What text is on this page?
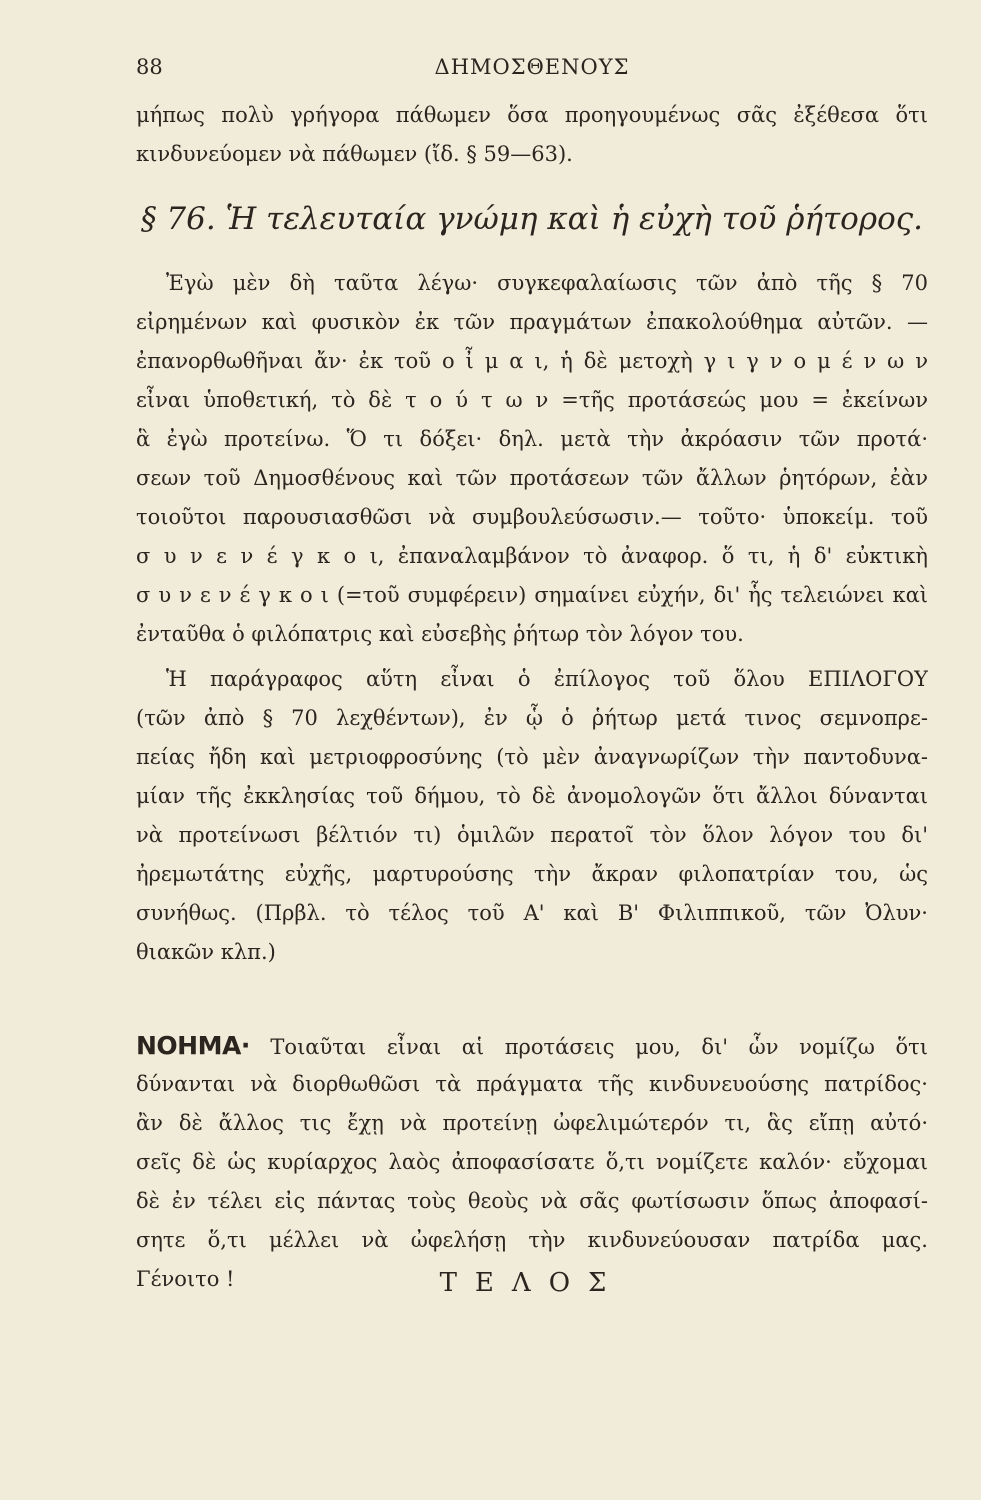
88	ΔΗΜΟΣΘΕΝΟΥΣ
μήπως πολὺ γρήγορα πάθωμεν ὅσα προηγουμένως σᾶς ἐξέθεσα ὅτι
κινδυνεύομεν νὰ πάθωμεν (ἴδ. § 59—63).
§ 76. Ἡ τελευταία γνώμη καὶ ἡ εὐχὴ τοῦ ῥήτορος.
Ἐγὼ μὲν δὴ ταῦτα λέγω· συγκεφαλαίωσις τῶν ἀπὸ τῆς § 70
εἰρημένων καὶ φυσικὸν ἐκ τῶν πραγμάτων ἐπακολούθημα αὐτῶν. —
ἐπανορθωθῆναι ἄν· ἐκ τοῦ ο ἶ μ α ι, ἡ δὲ μετοχὴ γ ι γ ν ο μ έ ν ω ν
εἶναι ὑποθετική, τὸ δὲ τ ο ύ τ ω ν =τῆς προτάσεώς μου = ἐκείνων
ἃ ἐγὼ προτείνω. Ὅ τι δόξει· δηλ. μετὰ τὴν ἀκρόασιν τῶν προτά·
σεων τοῦ Δημοσθένους καὶ τῶν προτάσεων τῶν ἄλλων ῥητόρων, ἐὰν
τοιοῦτοι παρουσιασθῶσι νὰ συμβουλεύσωσιν.— τοῦτο· ὑποκείμ. τοῦ
σ υ ν ε ν έ γ κ ο ι, ἐπαναλαμβάνον τὸ ἀναφορ. ὅ τι, ἡ δ' εὐκτικὴ
σ υ ν ε ν έ γ κ ο ι (=τοῦ συμφέρειν) σημαίνει εὐχήν, δι' ἧς τελειώνει καὶ
ἐνταῦθα ὁ φιλόπατρις καὶ εὐσεβὴς ῥήτωρ τὸν λόγον του.
Ἡ παράγραφος αὕτη εἶναι ὁ ἐπίλογος τοῦ ὅλου ΕΠΙΛΟΓΟΥ
(τῶν ἀπὸ § 70 λεχθέντων), ἐν ᾧ ὁ ῥήτωρ μετά τινος σεμνοπρε-
πείας ἤδη καὶ μετριοφροσύνης (τὸ μὲν ἀναγνωρίζων τὴν παντοδυνα-
μίαν τῆς ἐκκλησίας τοῦ δήμου, τὸ δὲ ἀνομολογῶν ὅτι ἄλλοι δύνανται
νὰ προτείνωσι βέλτιόν τι) ὁμιλῶν περατοῖ τὸν ὅλον λόγον του δι'
ἠρεμωτάτης εὐχῆς, μαρτυρούσης τὴν ἄκραν φιλοπατρίαν του, ὡς
συνήθως. (Πρβλ. τὸ τέλος τοῦ Α' καὶ Β' Φιλιππικοῦ, τῶν Ὀλυν·
θιακῶν κλπ.)
ΝΟΗΜΑ· Τοιαῦται εἶναι αἱ προτάσεις μου, δι' ὧν νομίζω ὅτι
δύνανται νὰ διορθωθῶσι τὰ πράγματα τῆς κινδυνευούσης πατρίδος·
ἂν δὲ ἄλλος τις ἔχῃ νὰ προτείνῃ ὠφελιμώτερόν τι, ἃς εἴπῃ αὐτό·
σεῖς δὲ ὡς κυρίαρχος λαὸς ἀποφασίσατε ὅ,τι νομίζετε καλόν· εὔχομαι
δὲ ἐν τέλει εἰς πάντας τοὺς θεοὺς νὰ σᾶς φωτίσωσιν ὅπως ἀποφασί-
σητε ὅ,τι μέλλει νὰ ὠφελήσῃ τὴν κινδυνεύουσαν πατρίδα μας.
Γένοιτο !	ΤΕΛΟΣ
